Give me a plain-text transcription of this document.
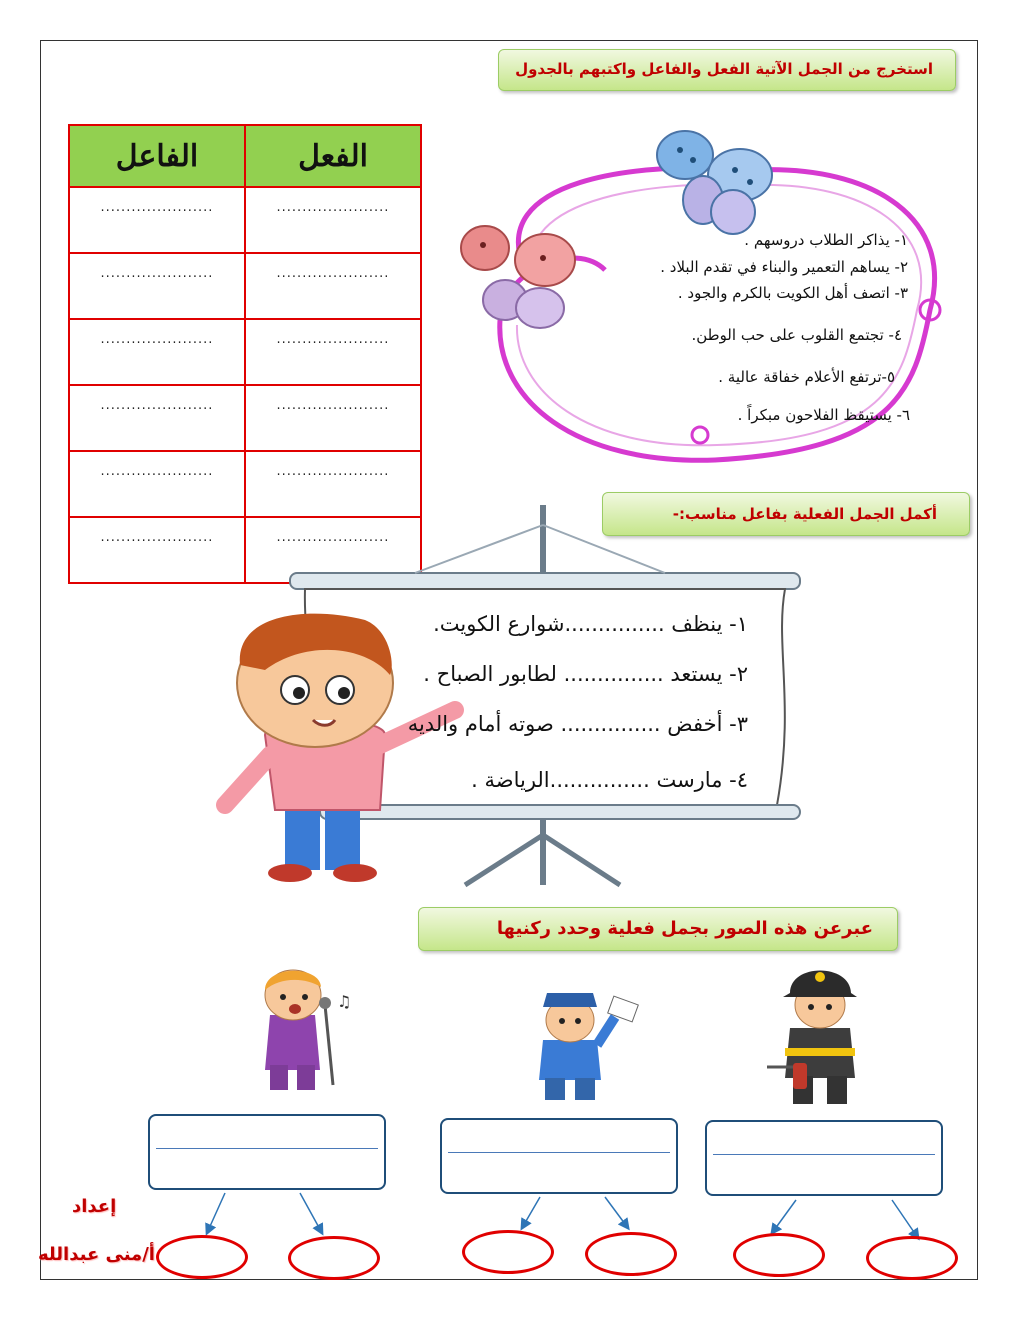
استخرج من الجمل الآتية الفعل والفاعل واكتبهم بالجدول
الفاعل	الفعل
......................	......................
......................	......................
......................	......................
......................	......................
......................	......................
......................	......................
١- يذاكر الطلاب دروسهم .
٢- يساهم التعمير والبناء في تقدم البلاد .
٣- اتصف أهل الكويت بالكرم والجود .
٤- تجتمع القلوب على حب الوطن.
٥-ترتفع الأعلام خفاقة عالية .
٦- يستيقظ الفلاحون مبكراً .
أكمل الجمل الفعلية بفاعل مناسب:-
١- ينظف ...............شوارع الكويت.
٢- يستعد ............... لطابور الصباح .
٣- أخفض ............... صوته أمام والديه
٤- مارست ...............الرياضة .
عبرعن هذه الصور بجمل فعلية وحدد ركنيها
♫
إعداد
أ/منى عبدالله
